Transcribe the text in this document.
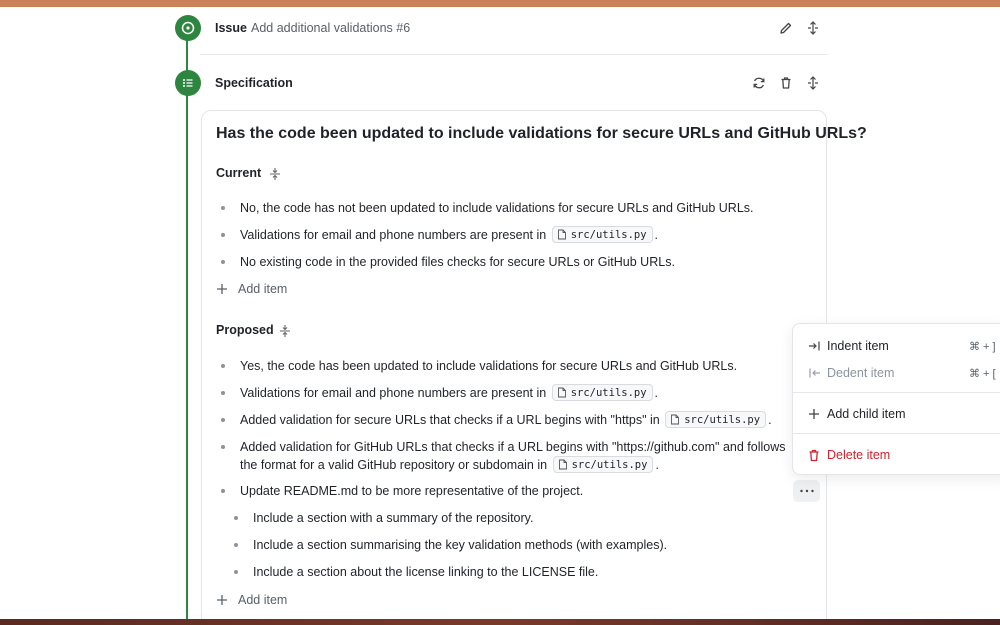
Issue Add additional validations #6
Specification
Has the code been updated to include validations for secure URLs and GitHub URLs?
Current
No, the code has not been updated to include validations for secure URLs and GitHub URLs.
Validations for email and phone numbers are present in src/utils.py .
No existing code in the provided files checks for secure URLs or GitHub URLs.
Add item
Proposed
Yes, the code has been updated to include validations for secure URLs and GitHub URLs.
Validations for email and phone numbers are present in src/utils.py .
Added validation for secure URLs that checks if a URL begins with "https" in src/utils.py .
Added validation for GitHub URLs that checks if a URL begins with "https://github.com" and follows
the format for a valid GitHub repository or subdomain in src/utils.py .
Update README.md to be more representative of the project.
Include a section with a summary of the repository.
Include a section summarising the key validation methods (with examples).
Include a section about the license linking to the LICENSE file.
Add item
Indent item	⌘ + ]
Dedent item	⌘ + [
Add child item
Delete item
